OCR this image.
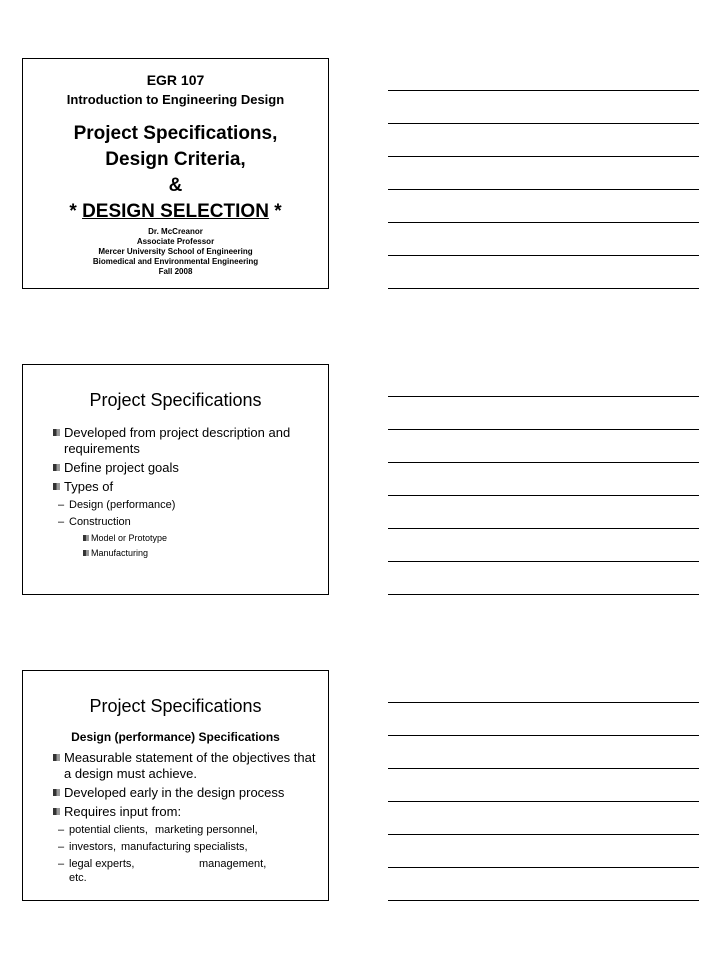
EGR 107
Introduction to Engineering Design
Project Specifications,
Design Criteria,
&
* DESIGN SELECTION *
Dr. McCreanor
Associate Professor
Mercer University School of Engineering
Biomedical and Environmental Engineering
Fall 2008
Project Specifications
Developed from project description and requirements
Define project goals
Types of
– Design (performance)
– Construction
Model or Prototype
Manufacturing
Project Specifications
Design (performance) Specifications
Measurable statement of the objectives that a design must achieve.
Developed early in the design process
Requires input from:
– potential clients, marketing personnel,
– investors, manufacturing specialists,
– legal experts,	management,
etc.
